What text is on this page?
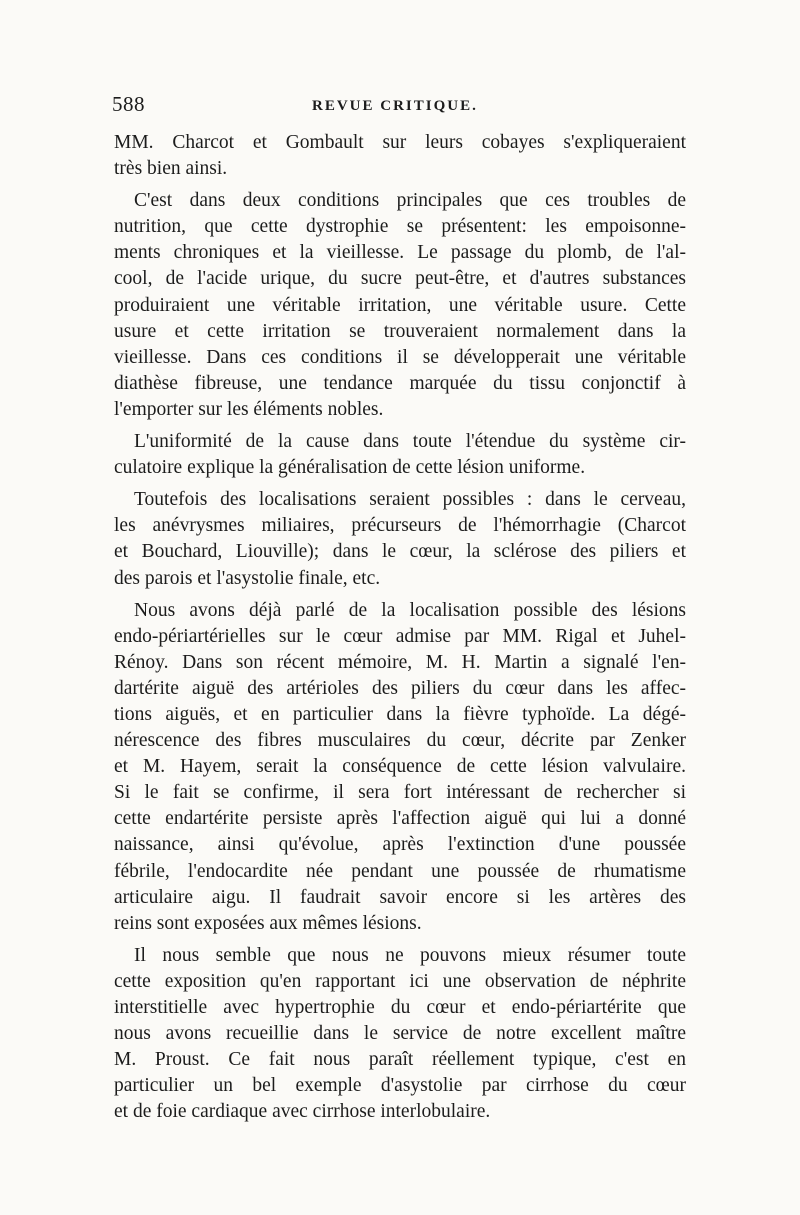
588	REVUE CRITIQUE.
MM. Charcot et Gombault sur leurs cobayes s'expliqueraient
très bien ainsi.
C'est dans deux conditions principales que ces troubles de
nutrition, que cette dystrophie se présentent: les empoisonne-
ments chroniques et la vieillesse. Le passage du plomb, de l'al-
cool, de l'acide urique, du sucre peut-être, et d'autres substances
produiraient une véritable irritation, une véritable usure. Cette
usure et cette irritation se trouveraient normalement dans la
vieillesse. Dans ces conditions il se développerait une véritable
diathèse fibreuse, une tendance marquée du tissu conjonctif à
l'emporter sur les éléments nobles.
L'uniformité de la cause dans toute l'étendue du système cir-
culatoire explique la généralisation de cette lésion uniforme.
Toutefois des localisations seraient possibles : dans le cerveau,
les anévrysmes miliaires, précurseurs de l'hémorrhagie (Charcot
et Bouchard, Liouville); dans le cœur, la sclérose des piliers et
des parois et l'asystolie finale, etc.
Nous avons déjà parlé de la localisation possible des lésions
endo-périartérielles sur le cœur admise par MM. Rigal et Juhel-
Rénoy. Dans son récent mémoire, M. H. Martin a signalé l'en-
dartérite aiguë des artérioles des piliers du cœur dans les affec-
tions aiguës, et en particulier dans la fièvre typhoïde. La dégé-
nérescence des fibres musculaires du cœur, décrite par Zenker
et M. Hayem, serait la conséquence de cette lésion valvulaire.
Si le fait se confirme, il sera fort intéressant de rechercher si
cette endartérite persiste après l'affection aiguë qui lui a donné
naissance, ainsi qu'évolue, après l'extinction d'une poussée
fébrile, l'endocardite née pendant une poussée de rhumatisme
articulaire aigu. Il faudrait savoir encore si les artères des
reins sont exposées aux mêmes lésions.
Il nous semble que nous ne pouvons mieux résumer toute
cette exposition qu'en rapportant ici une observation de néphrite
interstitielle avec hypertrophie du cœur et endo-périartérite que
nous avons recueillie dans le service de notre excellent maître
M. Proust. Ce fait nous paraît réellement typique, c'est en
particulier un bel exemple d'asystolie par cirrhose du cœur
et de foie cardiaque avec cirrhose interlobulaire.
